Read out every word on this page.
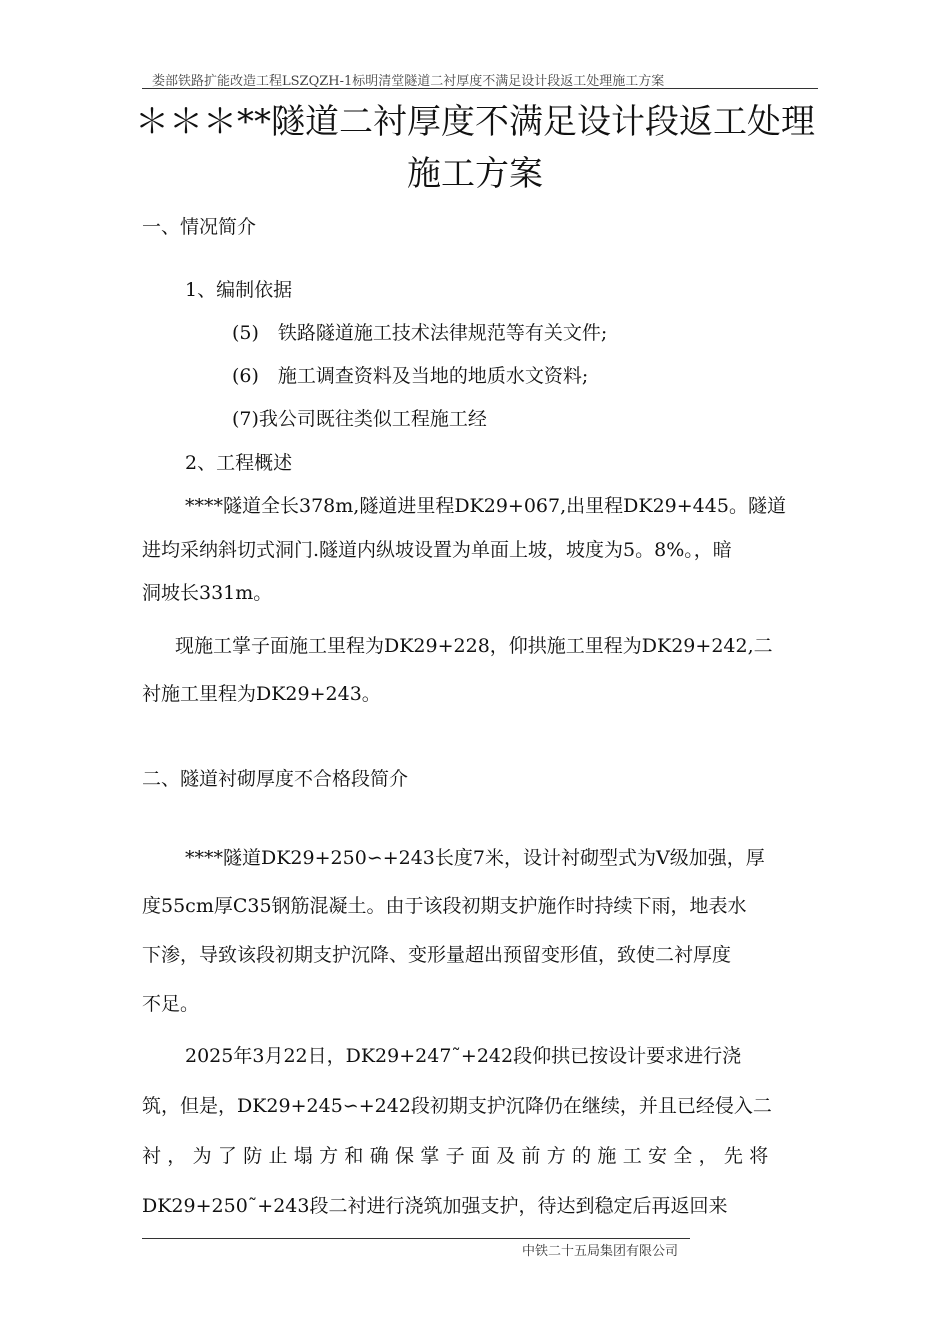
娄部铁路扩能改造工程LSZQZH-1标明清堂隧道二衬厚度不满足设计段返工处理施工方案
＊＊＊**隧道二衬厚度不满足设计段返工处理
施工方案
一、情况简介
1、编制依据
(5)　铁路隧道施工技术法律规范等有关文件;
(6)　施工调查资料及当地的地质水文资料;
(7)我公司既往类似工程施工经
2、工程概述
****隧道全长378m,隧道进里程DK29+067,出里程DK29+445。隧道
进均采纳斜切式洞门.隧道内纵坡设置为单面上坡，坡度为5。8%。，暗
洞坡长331m。
现施工掌子面施工里程为DK29+228，仰拱施工里程为DK29+242,二
衬施工里程为DK29+243。
二、隧道衬砌厚度不合格段简介
****隧道DK29+250∽+243长度7米，设计衬砌型式为Ⅴ级加强，厚
度55cm厚C35钢筋混凝土。由于该段初期支护施作时持续下雨，地表水
下渗，导致该段初期支护沉降、变形量超出预留变形值，致使二衬厚度
不足。
2025年3月22日，DK29+247˜+242段仰拱已按设计要求进行浇
筑，但是，DK29+245∽+242段初期支护沉降仍在继续，并且已经侵入二
衬，为了防止塌方和确保掌子面及前方的施工安全，先将
DK29+250˜+243段二衬进行浇筑加强支护，待达到稳定后再返回来
中铁二十五局集团有限公司
